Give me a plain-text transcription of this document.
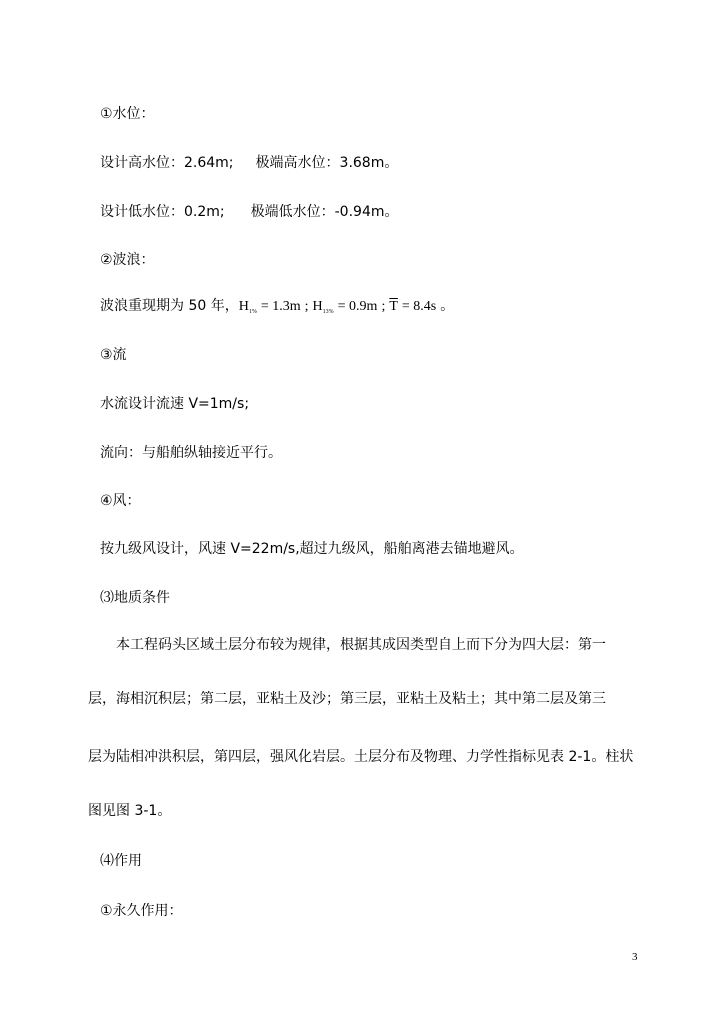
①水位：
设计高水位：2.64m; 极端高水位：3.68m。
设计低水位：0.2m; 极端低水位：-0.94m。
②波浪：
波浪重现期为 50 年，$H_{1\%} = 1.3m$ ; $H_{13\%} = 0.9m$ ; $\overline{T} = 8.4s$ 。
③流
水流设计流速 V=1m/s;
流向：与船舶纵轴接近平行。
④风：
按九级风设计，风速 V=22m/s,超过九级风，船舶离港去锚地避风。
⑶地质条件
本工程码头区域土层分布较为规律，根据其成因类型自上而下分为四大层：第一
层，海相沉积层；第二层，亚粘土及沙；第三层，亚粘土及粘土；其中第二层及第三
层为陆相冲洪积层，第四层，强风化岩层。土层分布及物理、力学性指标见表 2-1。柱状
图见图 3-1。
⑷作用
①永久作用：
3
